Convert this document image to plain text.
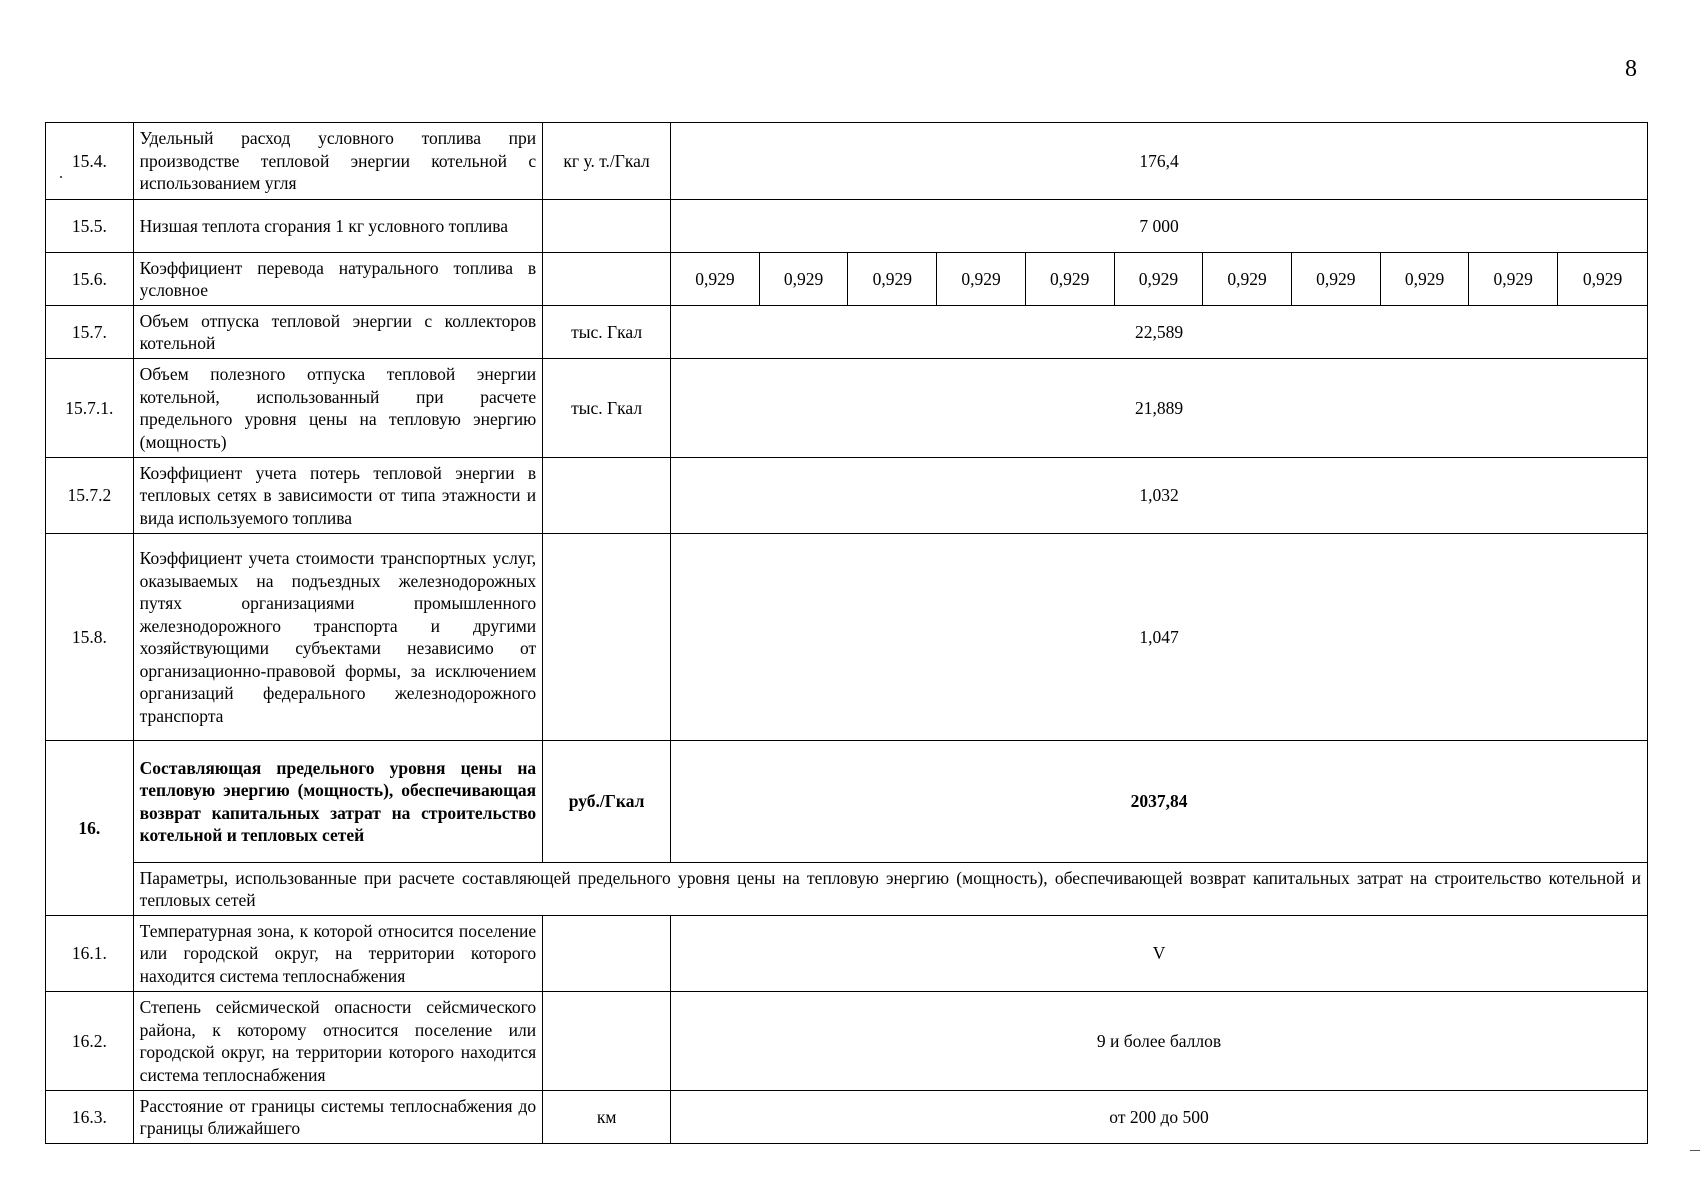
8
15.4.	Удельный расход условного топлива при производстве тепловой энергии котельной с использованием угля	кг у. т./Гкал	176,4										
15.5.	Низшая теплота сгорания 1 кг условного топлива		7 000										
15.6.	Коэффициент перевода натурального топлива в условное		0,929	0,929	0,929	0,929	0,929	0,929	0,929	0,929	0,929	0,929	0,929
15.7.	Объем отпуска тепловой энергии с коллекторов котельной	тыс. Гкал	22,589										
15.7.1.	Объем полезного отпуска тепловой энергии котельной, использованный при расчете предельного уровня цены на тепловую энергию (мощность)	тыс. Гкал	21,889										
15.7.2	Коэффициент учета потерь тепловой энергии в тепловых сетях в зависимости от типа этажности и вида используемого топлива		1,032										
15.8.	Коэффициент учета стоимости транспортных услуг, оказываемых на подъездных железнодорожных путях организациями промышленного железнодорожного транспорта и другими хозяйствующими субъектами независимо от организационно-правовой формы, за исключением организаций федерального железнодорожного транспорта		1,047										
16.	Составляющая предельного уровня цены на тепловую энергию (мощность), обеспечивающая возврат капитальных затрат на строительство котельной и тепловых сетей	руб./Гкал	2037,84										
	Параметры, использованные при расчете составляющей предельного уровня цены на тепловую энергию (мощность), обеспечивающей возврат капитальных затрат на строительство котельной и тепловых сетей												
16.1.	Температурная зона, к которой относится поселение или городской округ, на территории которого находится система теплоснабжения		V										
16.2.	Степень сейсмической опасности сейсмического района, к которому относится поселение или городской округ, на территории которого находится система теплоснабжения		9 и более баллов										
16.3.	Расстояние от границы системы теплоснабжения до границы ближайшего	км	от 200 до 500										
